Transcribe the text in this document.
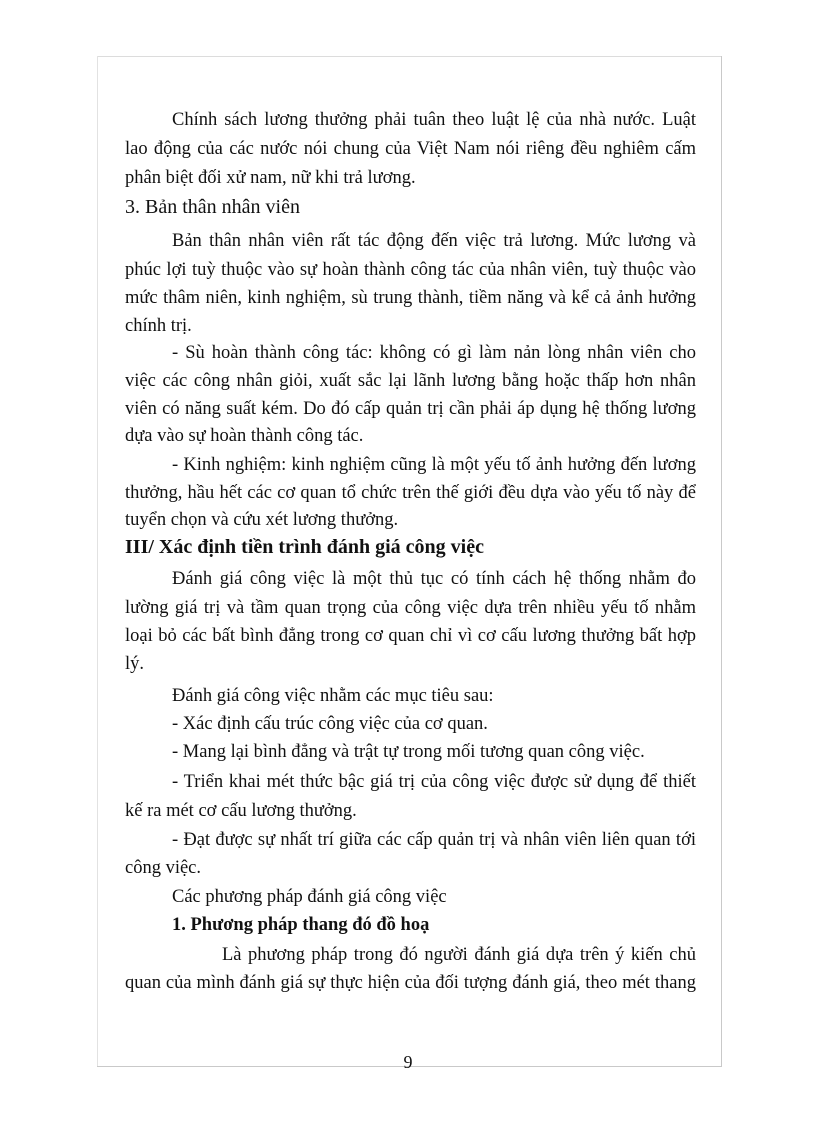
Chính sách lương thưởng phải tuân theo luật lệ của nhà nước. Luật
lao động của các nước nói chung của Việt Nam nói riêng đều nghiêm cấm
phân biệt đối xử nam, nữ khi trả lương.
3. Bản thân nhân viên
Bản thân nhân viên rất tác động đến việc trả lương. Mức lương và
phúc lợi tuỳ thuộc vào sự hoàn thành công tác của nhân viên, tuỳ thuộc vào
mức thâm niên, kinh nghiệm, sù trung thành, tiềm năng và kể cả ảnh hưởng
chính trị.
- Sù hoàn thành công tác: không có gì làm nản lòng nhân viên cho
việc các công nhân giỏi, xuất sắc lại lãnh lương bằng hoặc thấp hơn nhân
viên có năng suất kém. Do đó cấp quản trị cần phải áp dụng hệ thống lương
dựa vào sự hoàn thành công tác.
- Kinh nghiệm: kinh nghiệm cũng là một yếu tố ảnh hưởng đến lương
thưởng, hầu hết các cơ quan tổ chức trên thế giới đều dựa vào yếu tố này để
tuyển chọn và cứu xét lương thưởng.
III/ Xác định tiền trình đánh giá công việc
Đánh giá công việc là một thủ tục có tính cách hệ thống nhằm đo
lường giá trị và tầm quan trọng của công việc dựa trên nhiều yếu tố nhằm
loại bỏ các bất bình đẳng trong cơ quan chỉ vì cơ cấu lương thưởng bất hợp
lý.
Đánh giá công việc nhằm các mục tiêu sau:
- Xác định cấu trúc công việc của cơ quan.
- Mang lại bình đẳng và trật tự trong mối tương quan công việc.
- Triển khai mét thức bậc giá trị của công việc được sử dụng để thiết
kế ra mét cơ cấu lương thưởng.
- Đạt được sự nhất trí giữa các cấp quản trị và nhân viên liên quan tới
công việc.
Các phương pháp đánh giá công việc
1. Phương pháp thang đó đồ hoạ
Là phương pháp trong đó người đánh giá dựa trên ý kiến chủ
quan của mình đánh giá sự thực hiện của đối tượng đánh giá, theo mét thang
9
